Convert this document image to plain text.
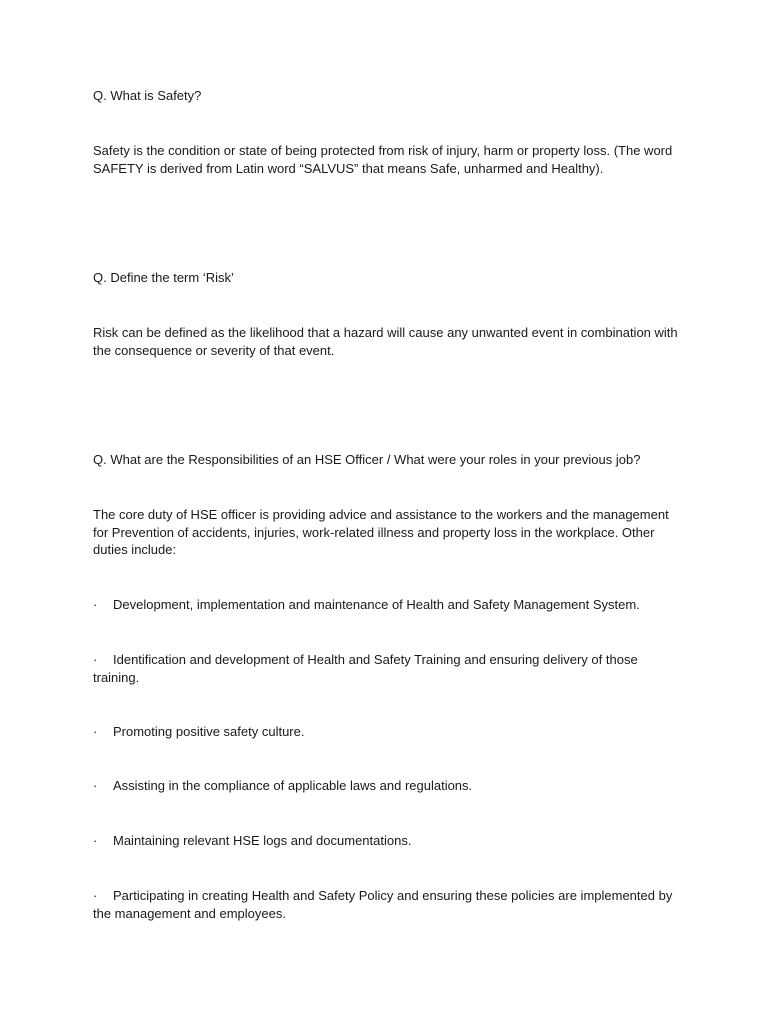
Q. What is Safety?
Safety is the condition or state of being protected from risk of injury, harm or property loss. (The word SAFETY is derived from Latin word “SALVUS” that means Safe, unharmed and Healthy).
Q. Define the term ‘Risk’
Risk can be defined as the likelihood that a hazard will cause any unwanted event in combination with the consequence or severity of that event.
Q. What are the Responsibilities of an HSE Officer / What were your roles in your previous job?
The core duty of HSE officer is providing advice and assistance to the workers and the management for Prevention of accidents, injuries, work-related illness and property loss in the workplace. Other duties include:
· Development, implementation and maintenance of Health and Safety Management System.
· Identification and development of Health and Safety Training and ensuring delivery of those training.
· Promoting positive safety culture.
· Assisting in the compliance of applicable laws and regulations.
· Maintaining relevant HSE logs and documentations.
· Participating in creating Health and Safety Policy and ensuring these policies are implemented by the management and employees.
